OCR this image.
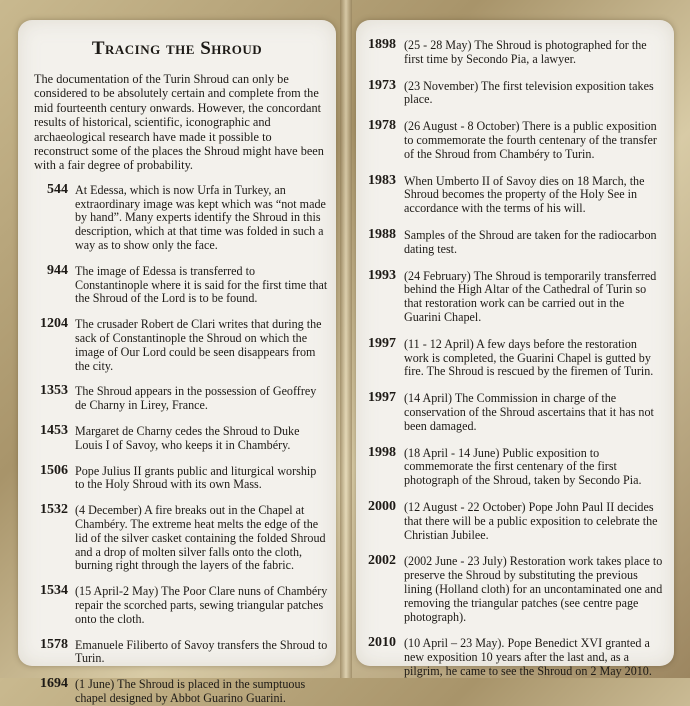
Tracing the Shroud
The documentation of the Turin Shroud can only be considered to be absolutely certain and complete from the mid fourteenth century onwards. However, the concordant results of historical, scientific, iconographic and archaeological research have made it possible to reconstruct some of the places the Shroud might have been with a fair degree of probability.
544 At Edessa, which is now Urfa in Turkey, an extraordinary image was kept which was “not made by hand”. Many experts identify the Shroud in this description, which at that time was folded in such a way as to show only the face.
944 The image of Edessa is transferred to Constantinople where it is said for the first time that the Shroud of the Lord is to be found.
1204 The crusader Robert de Clari writes that during the sack of Constantinople the Shroud on which the image of Our Lord could be seen disappears from the city.
1353 The Shroud appears in the possession of Geoffrey de Charny in Lirey, France.
1453 Margaret de Charny cedes the Shroud to Duke Louis I of Savoy, who keeps it in Chambéry.
1506 Pope Julius II grants public and liturgical worship to the Holy Shroud with its own Mass.
1532 (4 December) A fire breaks out in the Chapel at Chambéry. The extreme heat melts the edge of the lid of the silver casket containing the folded Shroud and a drop of molten silver falls onto the cloth, burning right through the layers of the fabric.
1534 (15 April-2 May) The Poor Clare nuns of Chambéry repair the scorched parts, sewing triangular patches onto the cloth.
1578 Emanuele Filiberto of Savoy transfers the Shroud to Turin.
1694 (1 June) The Shroud is placed in the sumptuous chapel designed by Abbot Guarino Guarini.
1898 (25 - 28 May) The Shroud is photographed for the first time by Secondo Pia, a lawyer.
1973 (23 November) The first television exposition takes place.
1978 (26 August - 8 October) There is a public exposition to commemorate the fourth centenary of the transfer of the Shroud from Chambéry to Turin.
1983 When Umberto II of Savoy dies on 18 March, the Shroud becomes the property of the Holy See in accordance with the terms of his will.
1988 Samples of the Shroud are taken for the radiocarbon dating test.
1993 (24 February) The Shroud is temporarily transferred behind the High Altar of the Cathedral of Turin so that restoration work can be carried out in the Guarini Chapel.
1997 (11 - 12 April) A few days before the restoration work is completed, the Guarini Chapel is gutted by fire. The Shroud is rescued by the firemen of Turin.
1997 (14 April) The Commission in charge of the conservation of the Shroud ascertains that it has not been damaged.
1998 (18 April - 14 June) Public exposition to commemorate the first centenary of the first photograph of the Shroud, taken by Secondo Pia.
2000 (12 August - 22 October) Pope John Paul II decides that there will be a public exposition to celebrate the Christian Jubilee.
2002 (2002 June - 23 July) Restoration work takes place to preserve the Shroud by substituting the previous lining (Holland cloth) for an uncontaminated one and removing the triangular patches (see centre page photograph).
2010 (10 April – 23 May). Pope Benedict XVI granted a new exposition 10 years after the last and, as a pilgrim, he came to see the Shroud on 2 May 2010.
